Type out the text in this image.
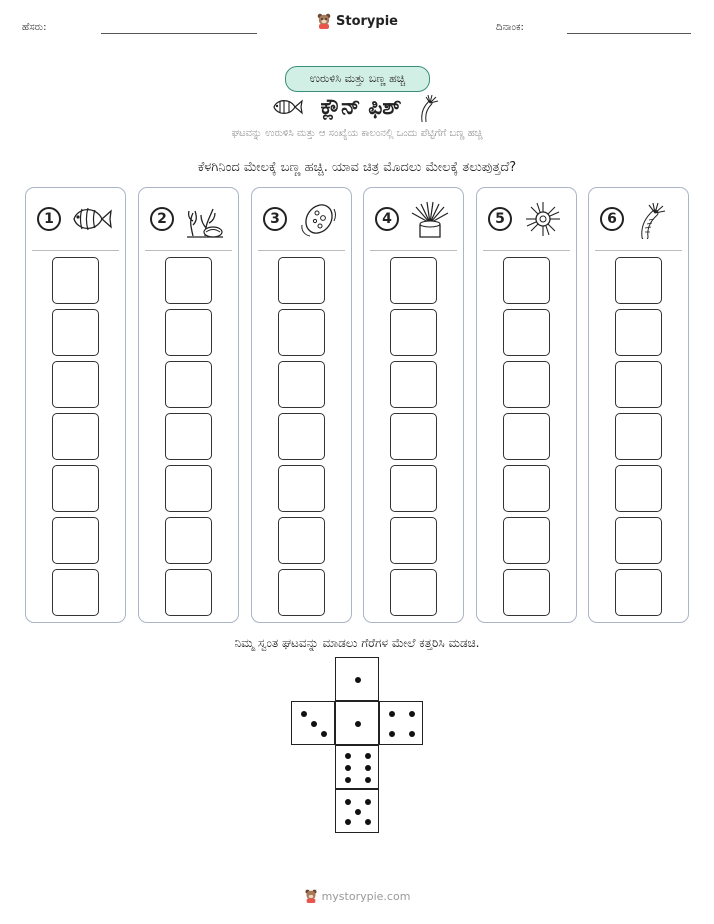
ಹೆಸರು:	ದಿನಾಂಕ:
Storypie
ಉರುಳಿಸಿ ಮತ್ತು ಬಣ್ಣ ಹಚ್ಚಿ
ಕ್ಲೌನ್ ಫಿಶ್
ಘಟವನ್ನು ಉರುಳಿಸಿ ಮತ್ತು ಆ ಸಂಖ್ಯೆಯ ಕಾಲಂನಲ್ಲಿ ಒಂದು ಪೆಟ್ಟಿಗೆಗೆ ಬಣ್ಣ ಹಚ್ಚಿ
ಕೆಳಗಿನಿಂದ ಮೇಲಕ್ಕೆ ಬಣ್ಣ ಹಚ್ಚಿ. ಯಾವ ಚಿತ್ರ ಮೊದಲು ಮೇಲಕ್ಕೆ ತಲುಪುತ್ತದೆ?
1	2	3	4	5	6
ನಿಮ್ಮ ಸ್ವಂತ ಘಟವನ್ನು ಮಾಡಲು ಗೆರೆಗಳ ಮೇಲೆ ಕತ್ತರಿಸಿ ಮಡಚಿ.
mystorypie.com
